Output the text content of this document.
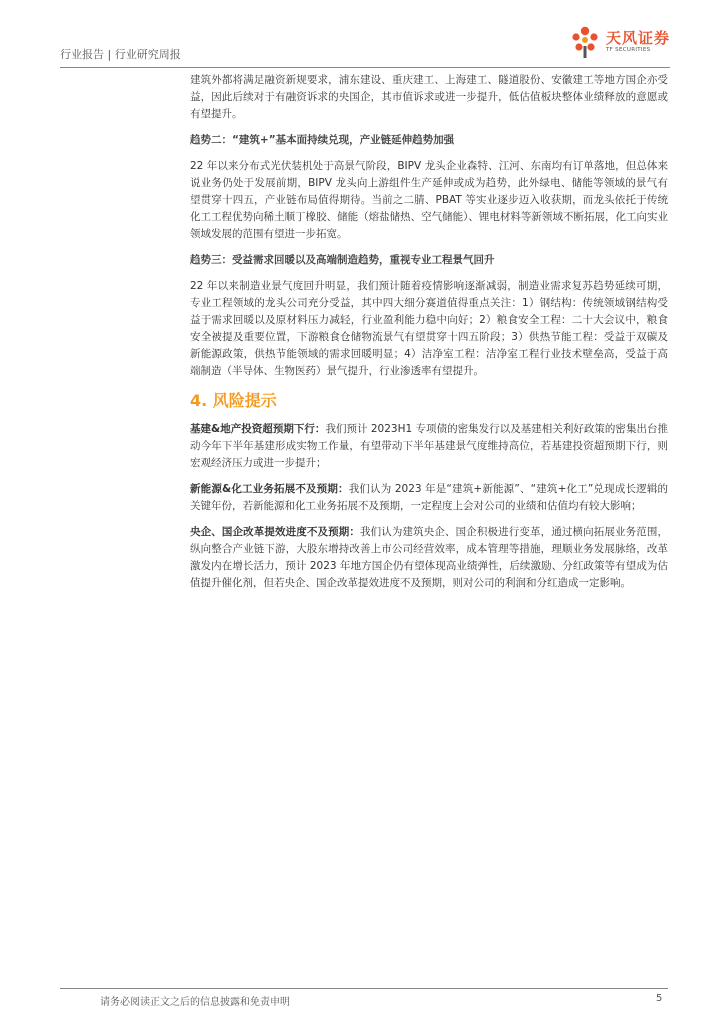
行业报告 | 行业研究周报
天风证券
TF SECURITIES

建筑外都将满足融资新规要求，浦东建设、重庆建工、上海建工、隧道股份、安徽建工等地方国企亦受益，因此后续对于有融资诉求的央国企，其市值诉求或进一步提升，低估值板块整体业绩释放的意愿或有望提升。

趋势二：“建筑+”基本面持续兑现，产业链延伸趋势加强

22 年以来分布式光伏装机处于高景气阶段，BIPV 龙头企业森特、江河、东南均有订单落地，但总体来说业务仍处于发展前期，BIPV 龙头向上游组件生产延伸或成为趋势，此外绿电、储能等领域的景气有望贯穿十四五，产业链布局值得期待。当前之二腈、PBAT 等实业逐步迈入收获期，而龙头依托于传统化工工程优势向稀土顺丁橡胶、储能（熔盐储热、空气储能）、锂电材料等新领域不断拓展，化工向实业领域发展的范围有望进一步拓宽。

趋势三：受益需求回暖以及高端制造趋势，重视专业工程景气回升

22 年以来制造业景气度回升明显，我们预计随着疫情影响逐渐减弱，制造业需求复苏趋势延续可期，专业工程领域的龙头公司充分受益，其中四大细分赛道值得重点关注：1）钢结构：传统领域钢结构受益于需求回暖以及原材料压力减轻，行业盈利能力稳中向好；2）粮食安全工程：二十大会议中，粮食安全被提及重要位置，下游粮食仓储物流景气有望贯穿十四五阶段；3）供热节能工程：受益于双碳及新能源政策，供热节能领域的需求回暖明显；4）洁净室工程：洁净室工程行业技术壁垒高，受益于高端制造（半导体、生物医药）景气提升，行业渗透率有望提升。

4. 风险提示

基建&地产投资超预期下行：我们预计 2023H1 专项债的密集发行以及基建相关利好政策的密集出台推动今年下半年基建形成实物工作量，有望带动下半年基建景气度维持高位，若基建投资超预期下行，则宏观经济压力或进一步提升；

新能源&化工业务拓展不及预期：我们认为 2023 年是“建筑+新能源”、“建筑+化工”兑现成长逻辑的关键年份，若新能源和化工业务拓展不及预期，一定程度上会对公司的业绩和估值均有较大影响；

央企、国企改革提效进度不及预期：我们认为建筑央企、国企积极进行变革，通过横向拓展业务范围，纵向整合产业链下游，大股东增持改善上市公司经营效率，成本管理等措施，理顺业务发展脉络，改革激发内在增长活力，预计 2023 年地方国企仍有望体现高业绩弹性，后续激励、分红政策等有望成为估值提升催化剂，但若央企、国企改革提效进度不及预期，则对公司的利润和分红造成一定影响。

请务必阅读正文之后的信息披露和免责申明	5
